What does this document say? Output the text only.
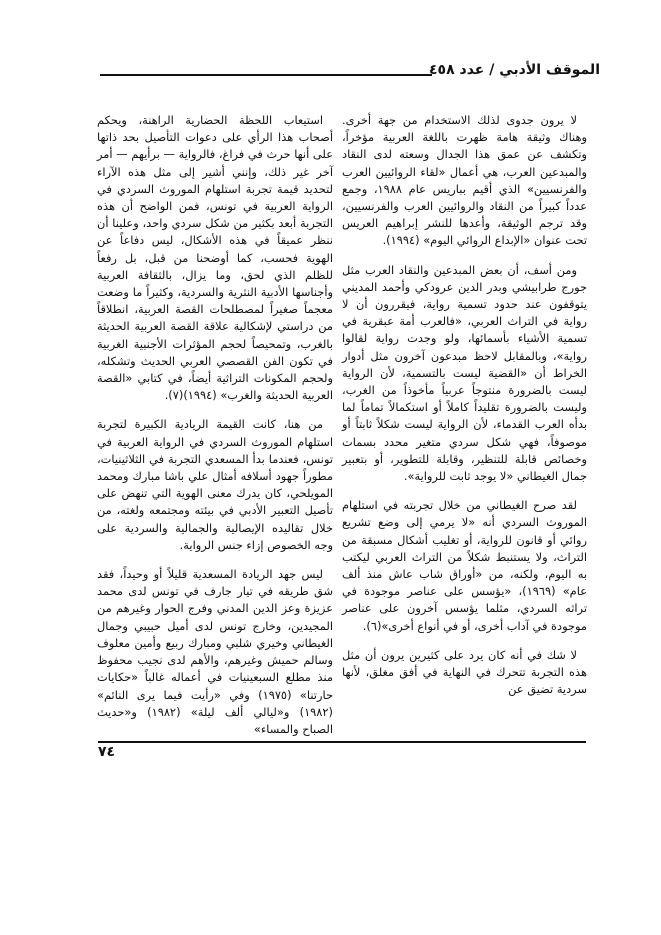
الموقف الأدبي / عدد ٤٥٨

لا يرون جدوى لذلك الاستخدام من جهة أخرى. وهناك وثيقة هامة ظهرت باللغة العربية مؤخراً، وتكشف عن عمق هذا الجدال وسعته لدى النقاد والمبدعين العرب، هي أعمال «لقاء الروائيين العرب والفرنسيين» الذي أقيم بباريس عام ١٩٨٨، وجمع عدداً كبيراً من النقاد والروائيين العرب والفرنسيين، وقد ترجم الوثيقة، وأعدها للنشر إبراهيم العريس تحت عنوان «الإبداع الروائي اليوم» (١٩٩٤).

ومن أسف، أن بعض المبدعين والنقاد العرب مثل جورج طرابيشي وبدر الدين عرودكي وأحمد المديني يتوقفون عند حدود تسمية رواية، فيقررون أن لا رواية في التراث العربي، «فالعرب أمة عبقرية في تسمية الأشياء بأسمائها، ولو وجدت رواية لقالوا رواية»، وبالمقابل لاحظ مبدعون آخرون مثل أدوار الخراط أن «القضية ليست بالتسمية، لأن الرواية ليست بالضرورة منتوجاً عربياً مأخوذاً من الغرب، وليست بالضرورة تقليداً كاملاً أو استكمالاً تماماً لما بدأه العرب القدماء، لأن الرواية ليست شكلاً ثابتاً أو موصوفاً، فهي شكل سردي متغير محدد بسمات وخصائص قابلة للتنظير، وقابلة للتطوير، أو بتعبير جمال الغيطاني «لا يوجد ثابت للرواية».

لقد صرح الغيطاني من خلال تجربته في استلهام الموروث السردي أنه «لا يرمي إلى وضع تشريع روائي أو قانون للرواية، أو تغليب أشكال مسبقة من التراث، ولا يستنبط شكلاً من التراث العربي ليكتب به اليوم، ولكنه، من «أوراق شاب عاش منذ ألف عام» (١٩٦٩)، «يؤسس على عناصر موجودة في تراثه السردي، مثلما يؤسس آخرون على عناصر موجودة في آداب أخرى، أو في أنواع أخرى»(٦).

لا شك في أنه كان يرد على كثيرين يرون أن مثل هذه التجربة تتحرك في النهاية في أفق مغلق، لأنها سردية تضيق عن

استيعاب اللحظة الحضارية الراهنة، ويحكم أصحاب هذا الرأي على دعوات التأصيل بحد ذاتها على أنها حرث في فراغ، فالرواية — برأيهم — أمر آخر غير ذلك، وإنني أشير إلى مثل هذه الآراء لتحديد قيمة تجربة استلهام الموروث السردي في الرواية العربية في تونس، فمن الواضح أن هذه التجربة أبعد بكثير من شكل سردي واحد، وعلينا أن ننظر عميقاً في هذه الأشكال، ليس دفاعاً عن الهوية فحسب، كما أوضحنا من قبل، بل رفعاً للظلم الذي لحق، وما يزال، بالثقافة العربية وأجناسها الأدبية النثرية والسردية، وكثيراً ما وضعت معجماً صغيراً لمصطلحات القصة العربية، انطلاقاً من دراستي لإشكالية علاقة القصة العربية الحديثة بالغرب، وتمحيصاً لحجم المؤثرات الأجنبية الغربية في تكون الفن القصصي العربي الحديث وتشكله، ولحجم المكونات التراثية أيضاً، في كتابي «القصة العربية الحديثة والغرب» (١٩٩٤)(٧).

من هنا، كانت القيمة الريادية الكبيرة لتجربة استلهام الموروث السردي في الرواية العربية في تونس، فعندما بدأ المسعدي التجربة في الثلاثينيات، مطوراً جهود أسلافه أمثال علي باشا مبارك ومحمد المويلحي، كان يدرك معنى الهوية التي تنهض على تأصيل التعبير الأدبي في بيئته ومجتمعه ولغته، من خلال تقاليده الإيصالية والجمالية والسردية على وجه الخصوص إزاء جنس الرواية.

ليس جهد الريادة المسعدية قليلاً أو وحيداً، فقد شق طريقه في تيار جارف في تونس لدى محمد عزيزة وعز الدين المدني وفرج الحوار وغيرهم من المجيدين، وخارج تونس لدى أميل حبيبي وجمال الغيطاني وخيري شلبي ومبارك ربيع وأمين معلوف وسالم حميش وغيرهم، والأهم لدى نجيب محفوظ منذ مطلع السبعينيات في أعماله غالباً «حكايات حارتنا» (١٩٧٥) وفي «رأيت فيما يرى النائم» (١٩٨٢) و«ليالي ألف ليلة» (١٩٨٢) و«حديث الصباح والمساء»

٧٤
